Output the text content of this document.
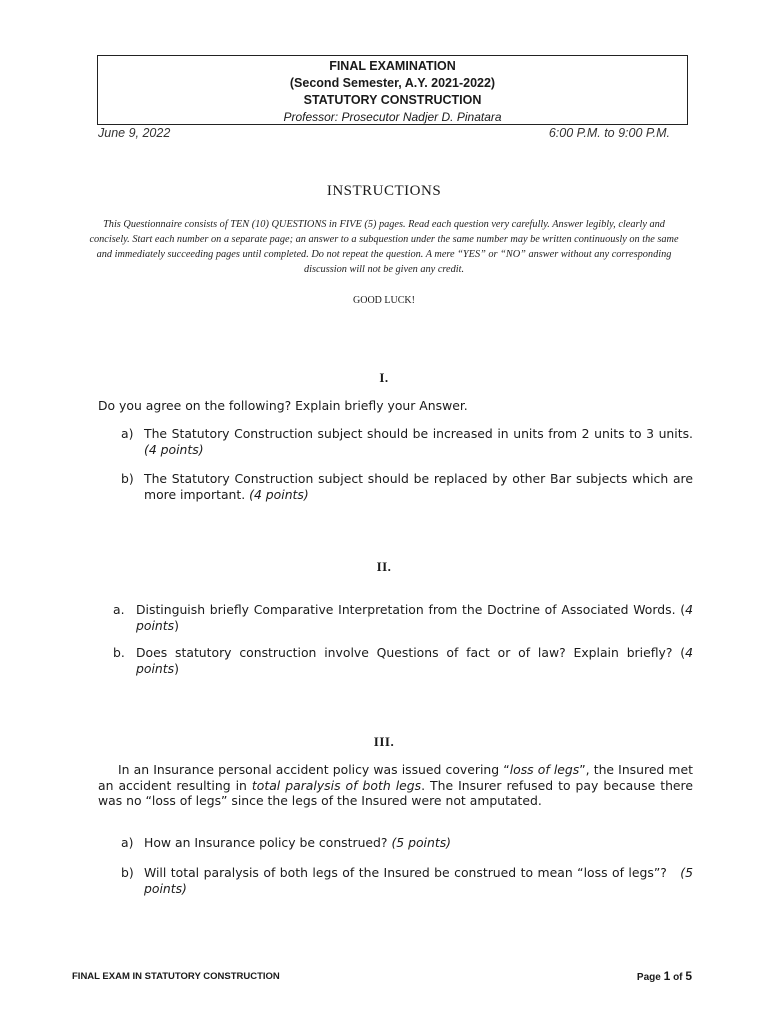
FINAL EXAMINATION
(Second Semester, A.Y. 2021-2022)
STATUTORY CONSTRUCTION
Professor: Prosecutor Nadjer D. Pinatara
June 9, 2022	6:00 P.M. to 9:00 P.M.
INSTRUCTIONS
This Questionnaire consists of TEN (10) QUESTIONS in FIVE (5) pages. Read each question very carefully. Answer legibly, clearly and concisely. Start each number on a separate page; an answer to a subquestion under the same number may be written continuously on the same and immediately succeeding pages until completed. Do not repeat the question. A mere “YES” or “NO” answer without any corresponding discussion will not be given any credit.
GOOD LUCK!
I.
Do you agree on the following? Explain briefly your Answer.
a) The Statutory Construction subject should be increased in units from 2 units to 3 units. (4 points)
b) The Statutory Construction subject should be replaced by other Bar subjects which are more important. (4 points)
II.
a. Distinguish briefly Comparative Interpretation from the Doctrine of Associated Words. (4 points)
b. Does statutory construction involve Questions of fact or of law? Explain briefly? (4 points)
III.
In an Insurance personal accident policy was issued covering “loss of legs”, the Insured met an accident resulting in total paralysis of both legs. The Insurer refused to pay because there was no “loss of legs” since the legs of the Insured were not amputated.
a) How an Insurance policy be construed? (5 points)
b) Will total paralysis of both legs of the Insured be construed to mean “loss of legs”? (5 points)
FINAL EXAM IN STATUTORY CONSTRUCTION	Page 1 of 5
